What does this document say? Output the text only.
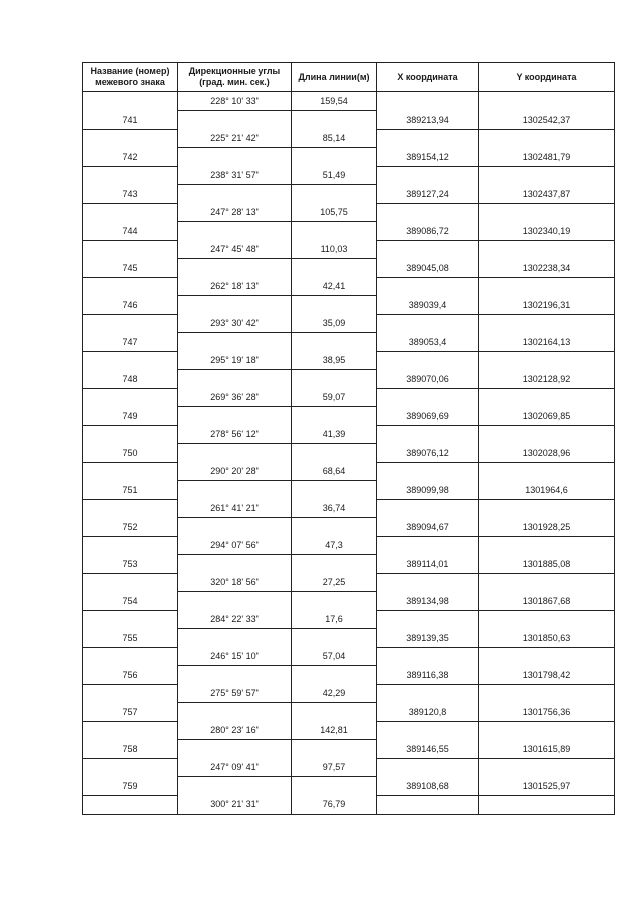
Название (номер) межевого знака	Дирекционные углы (град. мин. сек.)	Длина линии(м)	X координата	Y координата
	228° 10' 33"	159,54		
741			389213,94	1302542,37
	225° 21' 42"	85,14		
742			389154,12	1302481,79
	238° 31' 57"	51,49		
743			389127,24	1302437,87
	247° 28' 13"	105,75		
744			389086,72	1302340,19
	247° 45' 48"	110,03		
745			389045,08	1302238,34
	262° 18' 13"	42,41		
746			389039,4	1302196,31
	293° 30' 42"	35,09		
747			389053,4	1302164,13
	295° 19' 18"	38,95		
748			389070,06	1302128,92
	269° 36' 28"	59,07		
749			389069,69	1302069,85
	278° 56' 12"	41,39		
750			389076,12	1302028,96
	290° 20' 28"	68,64		
751			389099,98	1301964,6
	261° 41' 21"	36,74		
752			389094,67	1301928,25
	294° 07' 56"	47,3		
753			389114,01	1301885,08
	320° 18' 56"	27,25		
754			389134,98	1301867,68
	284° 22' 33"	17,6		
755			389139,35	1301850,63
	246° 15' 10"	57,04		
756			389116,38	1301798,42
	275° 59' 57"	42,29		
757			389120,8	1301756,36
	280° 23' 16"	142,81		
758			389146,55	1301615,89
	247° 09' 41"	97,57		
759			389108,68	1301525,97
	300° 21' 31"	76,79		
